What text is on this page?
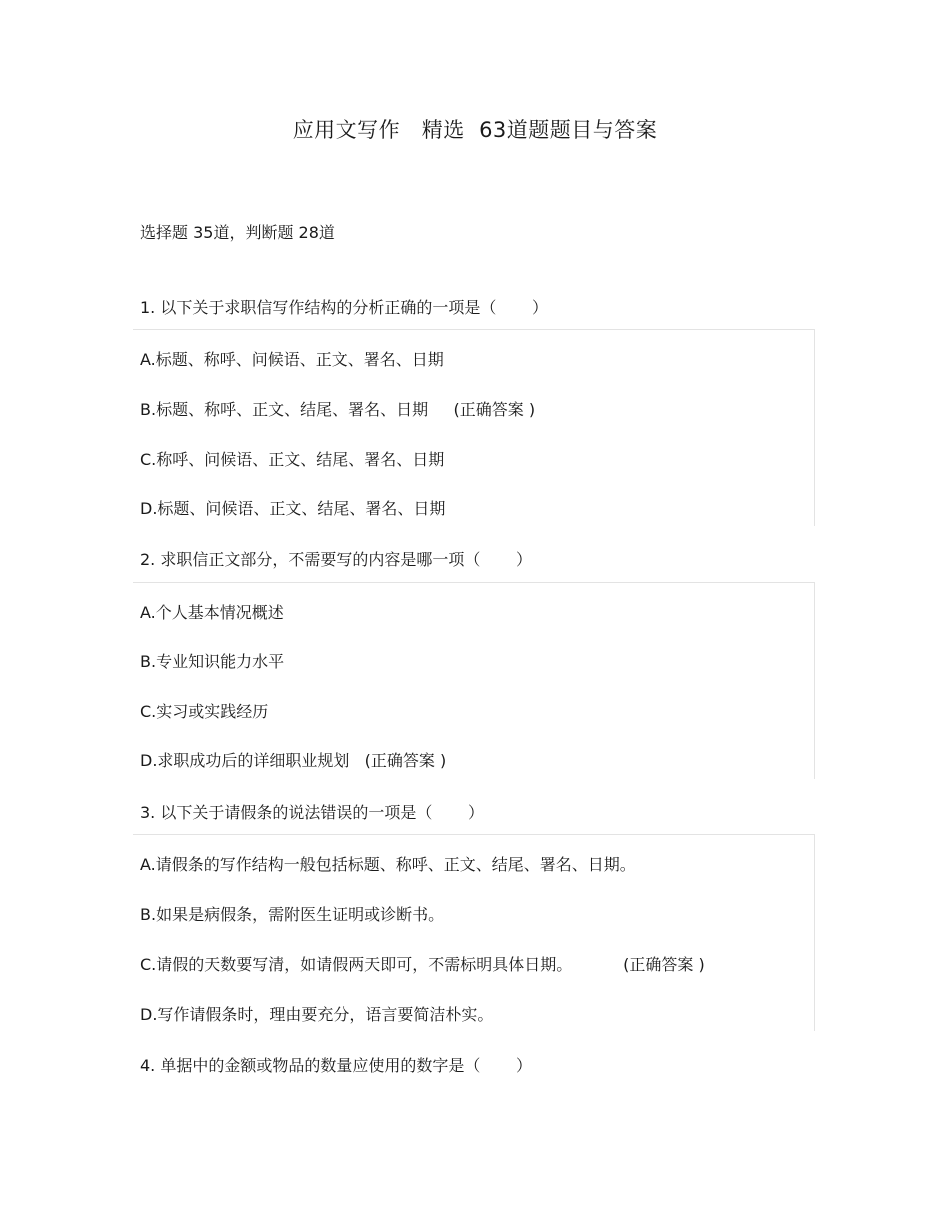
应用文写作   精选  63道题题目与答案
选择题 35道，判断题 28道
1. 以下关于求职信写作结构的分析正确的一项是（       ）
A.标题、称呼、问候语、正文、署名、日期
B.标题、称呼、正文、结尾、署名、日期     (正确答案 )
C.称呼、问候语、正文、结尾、署名、日期
D.标题、问候语、正文、结尾、署名、日期
2. 求职信正文部分，不需要写的内容是哪一项（       ）
A.个人基本情况概述
B.专业知识能力水平
C.实习或实践经历
D.求职成功后的详细职业规划   (正确答案 )
3. 以下关于请假条的说法错误的一项是（       ）
A.请假条的写作结构一般包括标题、称呼、正文、结尾、署名、日期。
B.如果是病假条，需附医生证明或诊断书。
C.请假的天数要写清，如请假两天即可，不需标明具体日期。          (正确答案 )
D.写作请假条时，理由要充分，语言要简洁朴实。
4. 单据中的金额或物品的数量应使用的数字是（       ）
